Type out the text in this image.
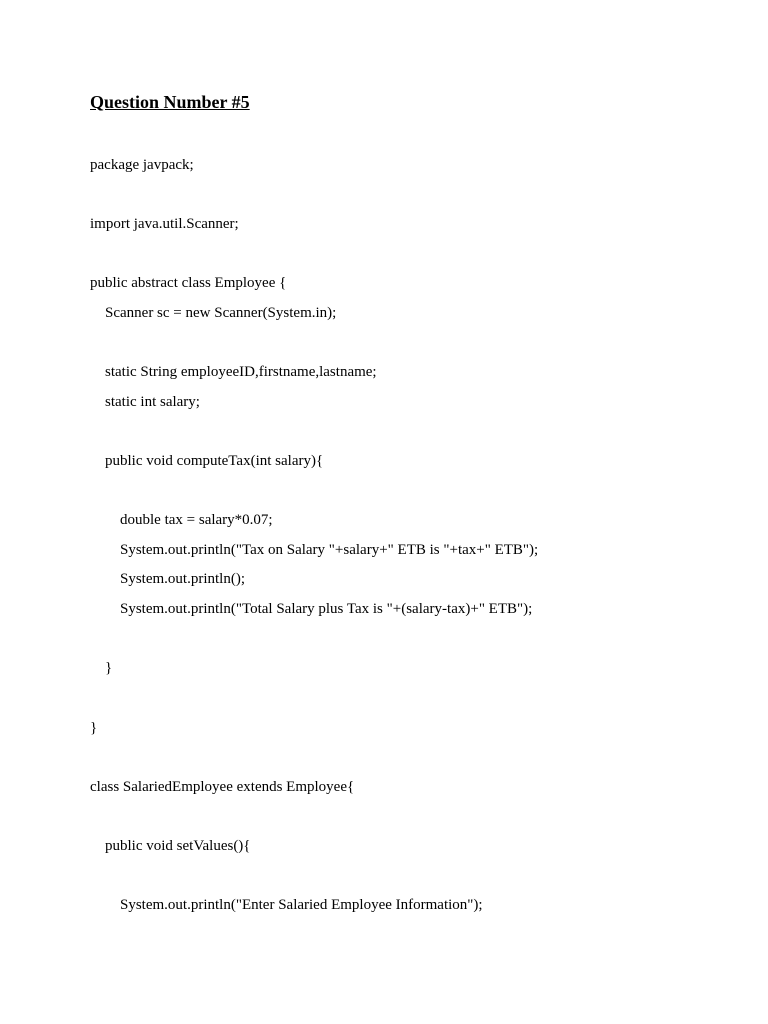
Question Number #5
package javpack;
import java.util.Scanner;
public abstract class Employee {
Scanner sc = new Scanner(System.in);
static String employeeID,firstname,lastname;
static int salary;
public void computeTax(int salary){
double tax = salary*0.07;
System.out.println("Tax on Salary "+salary+" ETB is "+tax+" ETB");
System.out.println();
System.out.println("Total Salary plus Tax is "+(salary-tax)+" ETB");
}
}
class SalariedEmployee extends Employee{
public void setValues(){
System.out.println("Enter Salaried Employee Information");
